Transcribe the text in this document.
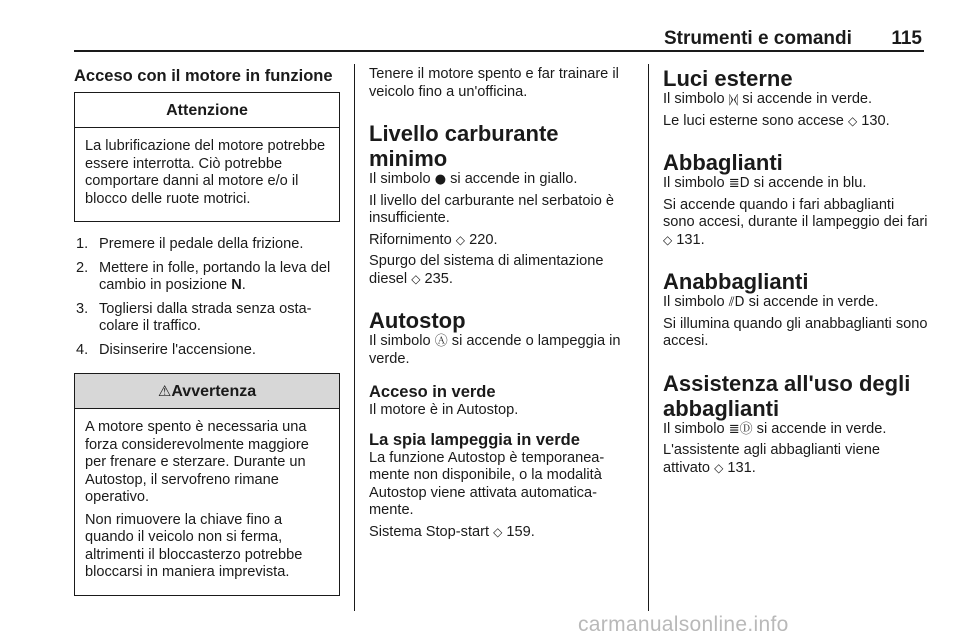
Strumenti e comandi 115
Acceso con il motore in funzione
Attenzione

La lubrificazione del motore potrebbe essere interrotta. Ciò potrebbe comportare danni al motore e/o il blocco delle ruote motrici.

1. Premere il pedale della frizione.
2. Mettere in folle, portando la leva del cambio in posizione N.
3. Togliersi dalla strada senza osta-colare il traffico.
4. Disinserire l'accensione.
⚠Avvertenza

A motore spento è necessaria una forza considerevolmente maggiore per frenare e sterzare. Durante un Autostop, il servofreno rimane operativo.

Non rimuovere la chiave fino a quando il veicolo non si ferma, altrimenti il bloccasterzo potrebbe bloccarsi in maniera imprevista.

Tenere il motore spento e far trainare il veicolo fino a un'officina.

Livello carburante minimo

Il simbolo ● si accende in giallo.

Il livello del carburante nel serbatoio è insufficiente.

Rifornimento ◇ 220.

Spurgo del sistema di alimentazione diesel ◇ 235.

Autostop

Il simbolo Ⓐ si accende o lampeggia in verde.

Acceso in verde

Il motore è in Autostop.

La spia lampeggia in verde

La funzione Autostop è temporanea-mente non disponibile, o la modalità Autostop viene attivata automatica-mente.

Sistema Stop-start ◇ 159.

Luci esterne

Il simbolo ⦊⦉ si accende in verde.

Le luci esterne sono accese ◇ 130.

Abbaglianti

Il simbolo ≣D si accende in blu.

Si accende quando i fari abbaglianti sono accesi, durante il lampeggio dei fari ◇ 131.

Anabbaglianti

Il simbolo ⫽D si accende in verde.

Si illumina quando gli anabbaglianti sono accesi.

Assistenza all'uso degli abbaglianti

Il simbolo ≣Ⓓ si accende in verde.

L'assistente agli abbaglianti viene attivato ◇ 131.

carmanualsonline.info
